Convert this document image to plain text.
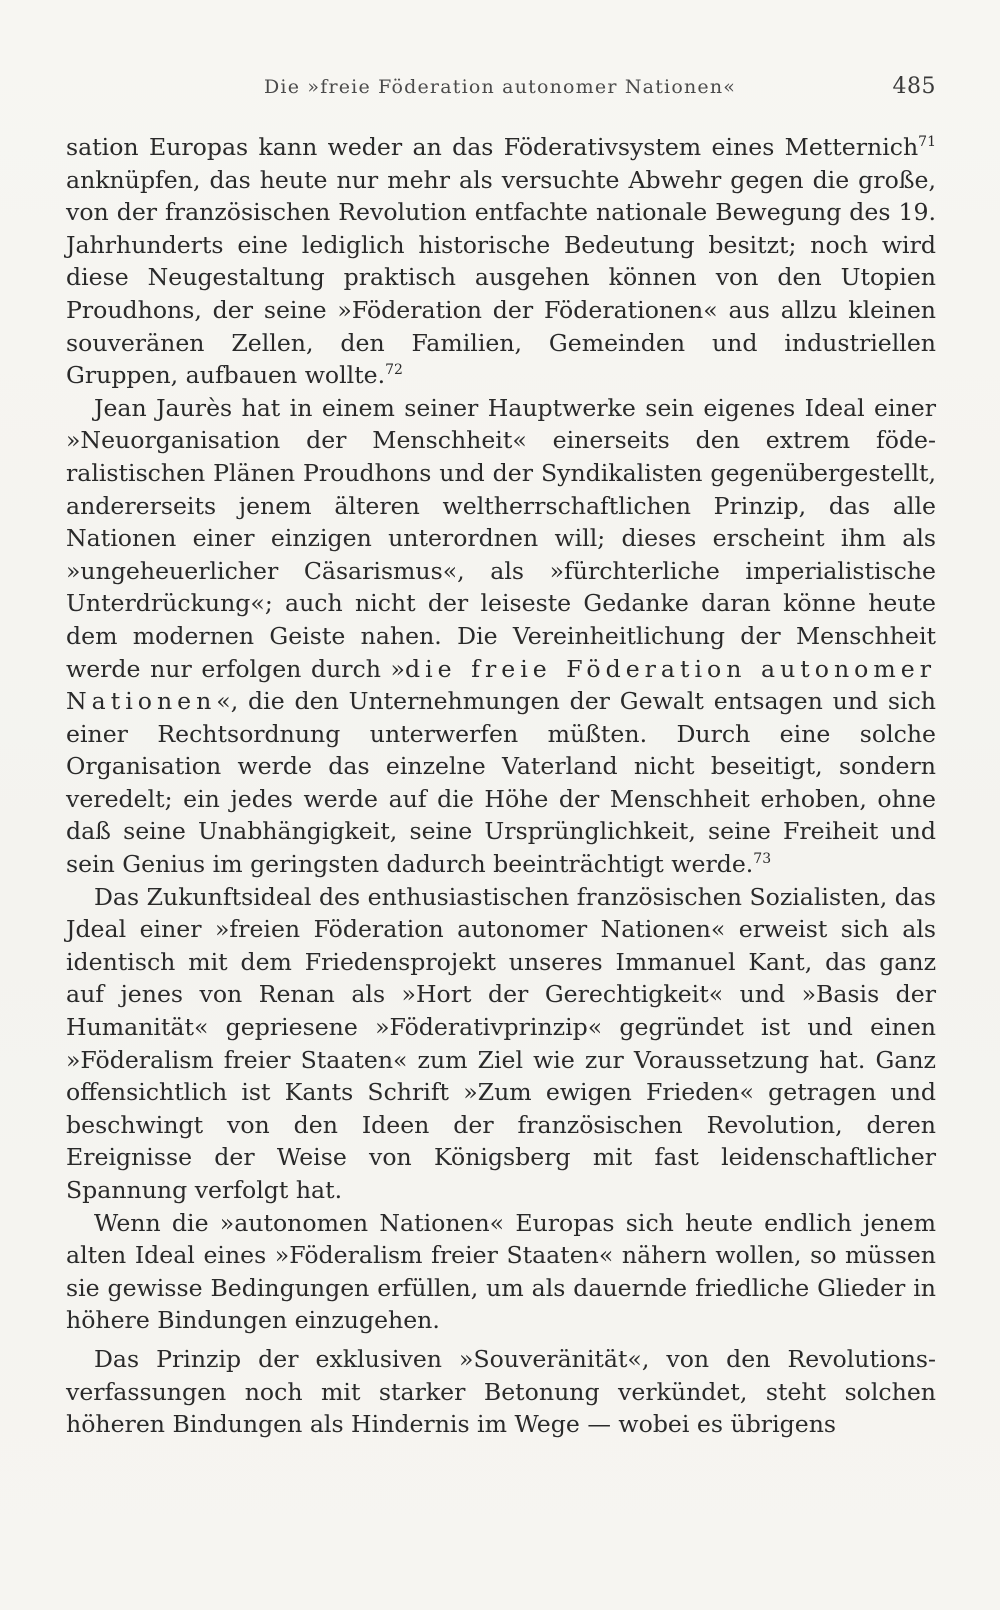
Die »freie Föderation autonomer Nationen«	485

sation Europas kann weder an das Föderativsystem eines Metternich$^{71}$ anknüpfen, das heute nur mehr als versuchte Abwehr gegen die große, von der französischen Revolution entfachte nationale Bewegung des 19. Jahrhunderts eine lediglich historische Bedeutung besitzt; noch wird diese Neugestaltung praktisch ausgehen können von den Utopien Proudhons, der seine »Föderation der Föderationen« aus allzu kleinen souveränen Zellen, den Familien, Gemeinden und industriellen Gruppen, aufbauen wollte.$^{72}$

Jean Jaurès hat in einem seiner Hauptwerke sein eigenes Ideal einer »Neuorganisation der Menschheit« einerseits den extrem föderalistischen Plänen Proudhons und der Syndikalisten gegenübergestellt, andererseits jenem älteren weltherrschaftlichen Prinzip, das alle Nationen einer einzigen unterordnen will; dieses erscheint ihm als »ungeheuerlicher Cäsarismus«, als »fürchterliche imperialistische Unterdrückung«; auch nicht der leiseste Gedanke daran könne heute dem modernen Geiste nahen. Die Vereinheitlichung der Menschheit werde nur erfolgen durch »die freie Föderation autonomer Nationen«, die den Unternehmungen der Gewalt entsagen und sich einer Rechtsordnung unterwerfen müßten. Durch eine solche Organisation werde das einzelne Vaterland nicht beseitigt, sondern veredelt; ein jedes werde auf die Höhe der Menschheit erhoben, ohne daß seine Unabhängigkeit, seine Ursprünglichkeit, seine Freiheit und sein Genius im geringsten dadurch beeinträchtigt werde.$^{73}$

Das Zukunftsideal des enthusiastischen französischen Sozialisten, das Jdeal einer »freien Föderation autonomer Nationen« erweist sich als identisch mit dem Friedensprojekt unseres Immanuel Kant, das ganz auf jenes von Renan als »Hort der Gerechtigkeit« und »Basis der Humanität« gepriesene »Föderativprinzip« gegründet ist und einen »Föderalism freier Staaten« zum Ziel wie zur Voraussetzung hat. Ganz offensichtlich ist Kants Schrift »Zum ewigen Frieden« getragen und beschwingt von den Ideen der französischen Revolution, deren Ereignisse der Weise von Königsberg mit fast leidenschaftlicher Spannung verfolgt hat.

Wenn die »autonomen Nationen« Europas sich heute endlich jenem alten Ideal eines »Föderalism freier Staaten« nähern wollen, so müssen sie gewisse Bedingungen erfüllen, um als dauernde friedliche Glieder in höhere Bindungen einzugehen.

Das Prinzip der exklusiven »Souveränität«, von den Revolutionsverfassungen noch mit starker Betonung verkündet, steht solchen höheren Bindungen als Hindernis im Wege — wobei es übrigens
